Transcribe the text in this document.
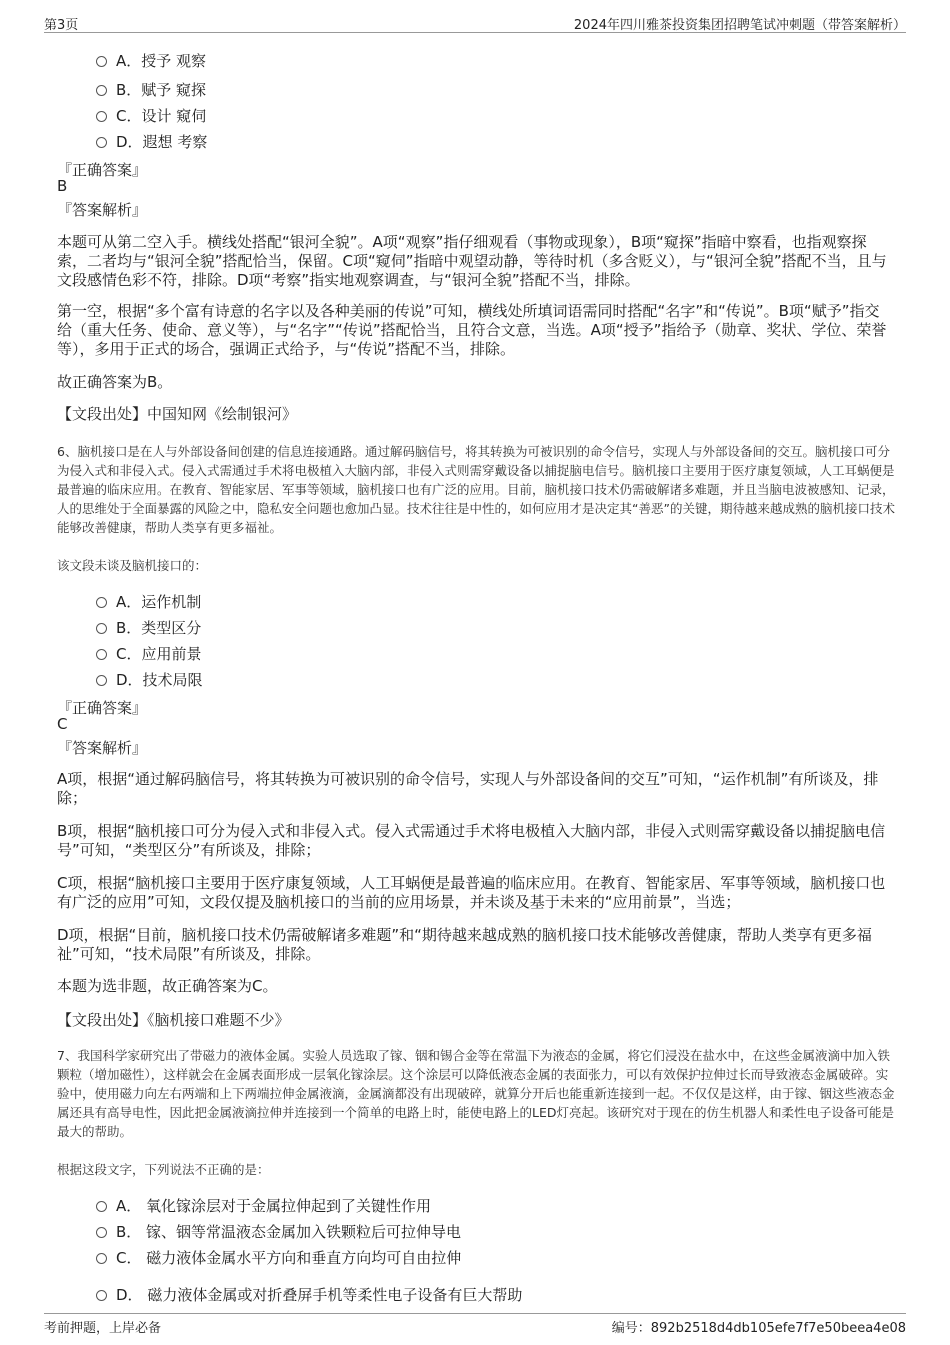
第3页	2024年四川雅茶投资集团招聘笔试冲刺题（带答案解析）
A．授予 观察
B．赋予 窥探
C．设计 窥伺
D．遐想 考察
『正确答案』
B
『答案解析』
本题可从第二空入手。横线处搭配“银河全貌”。A项“观察”指仔细观看（事物或现象），B项“窥探”指暗中察看，也指观察探索，二者均与“银河全貌”搭配恰当，保留。C项“窥伺”指暗中观望动静，等待时机（多含贬义），与“银河全貌”搭配不当，且与文段感情色彩不符，排除。D项“考察”指实地观察调查，与“银河全貌”搭配不当，排除。
第一空，根据“多个富有诗意的名字以及各种美丽的传说”可知，横线处所填词语需同时搭配“名字”和“传说”。B项“赋予”指交给（重大任务、使命、意义等），与“名字”“传说”搭配恰当，且符合文意，当选。A项“授予”指给予（勋章、奖状、学位、荣誉等），多用于正式的场合，强调正式给予，与“传说”搭配不当，排除。
故正确答案为B。
【文段出处】中国知网《绘制银河》
6、脑机接口是在人与外部设备间创建的信息连接通路。通过解码脑信号，将其转换为可被识别的命令信号，实现人与外部设备间的交互。脑机接口可分为侵入式和非侵入式。侵入式需通过手术将电极植入大脑内部，非侵入式则需穿戴设备以捕捉脑电信号。脑机接口主要用于医疗康复领域，人工耳蜗便是最普遍的临床应用。在教育、智能家居、军事等领域，脑机接口也有广泛的应用。目前，脑机接口技术仍需破解诸多难题，并且当脑电波被感知、记录，人的思维处于全面暴露的风险之中，隐私安全问题也愈加凸显。技术往往是中性的，如何应用才是决定其“善恶”的关键，期待越来越成熟的脑机接口技术能够改善健康，帮助人类享有更多福祉。
该文段未谈及脑机接口的：
A．运作机制
B．类型区分
C．应用前景
D．技术局限
『正确答案』
C
『答案解析』
A项，根据“通过解码脑信号，将其转换为可被识别的命令信号，实现人与外部设备间的交互”可知，“运作机制”有所谈及，排除；
B项，根据“脑机接口可分为侵入式和非侵入式。侵入式需通过手术将电极植入大脑内部，非侵入式则需穿戴设备以捕捉脑电信号”可知，“类型区分”有所谈及，排除；
C项，根据“脑机接口主要用于医疗康复领域，人工耳蜗便是最普遍的临床应用。在教育、智能家居、军事等领域，脑机接口也有广泛的应用”可知，文段仅提及脑机接口的当前的应用场景，并未谈及基于未来的“应用前景”，当选；
D项，根据“目前，脑机接口技术仍需破解诸多难题”和“期待越来越成熟的脑机接口技术能够改善健康，帮助人类享有更多福祉”可知，“技术局限”有所谈及，排除。
本题为选非题，故正确答案为C。
【文段出处】《脑机接口难题不少》
7、我国科学家研究出了带磁力的液体金属。实验人员选取了镓、铟和锡合金等在常温下为液态的金属，将它们浸没在盐水中，在这些金属液滴中加入铁颗粒（增加磁性），这样就会在金属表面形成一层氧化镓涂层。这个涂层可以降低液态金属的表面张力，可以有效保护拉伸过长而导致液态金属破碎。实验中，使用磁力向左右两端和上下两端拉伸金属液滴，金属滴都没有出现破碎，就算分开后也能重新连接到一起。不仅仅是这样，由于镓、铟这些液态金属还具有高导电性，因此把金属液滴拉伸并连接到一个简单的电路上时，能使电路上的LED灯亮起。该研究对于现在的仿生机器人和柔性电子设备可能是最大的帮助。
根据这段文字，下列说法不正确的是：
A． 氧化镓涂层对于金属拉伸起到了关键性作用
B． 镓、铟等常温液态金属加入铁颗粒后可拉伸导电
C． 磁力液体金属水平方向和垂直方向均可自由拉伸
D． 磁力液体金属或对折叠屏手机等柔性电子设备有巨大帮助
考前押题，上岸必备	编号：892b2518d4db105efe7f7e50beea4e08
